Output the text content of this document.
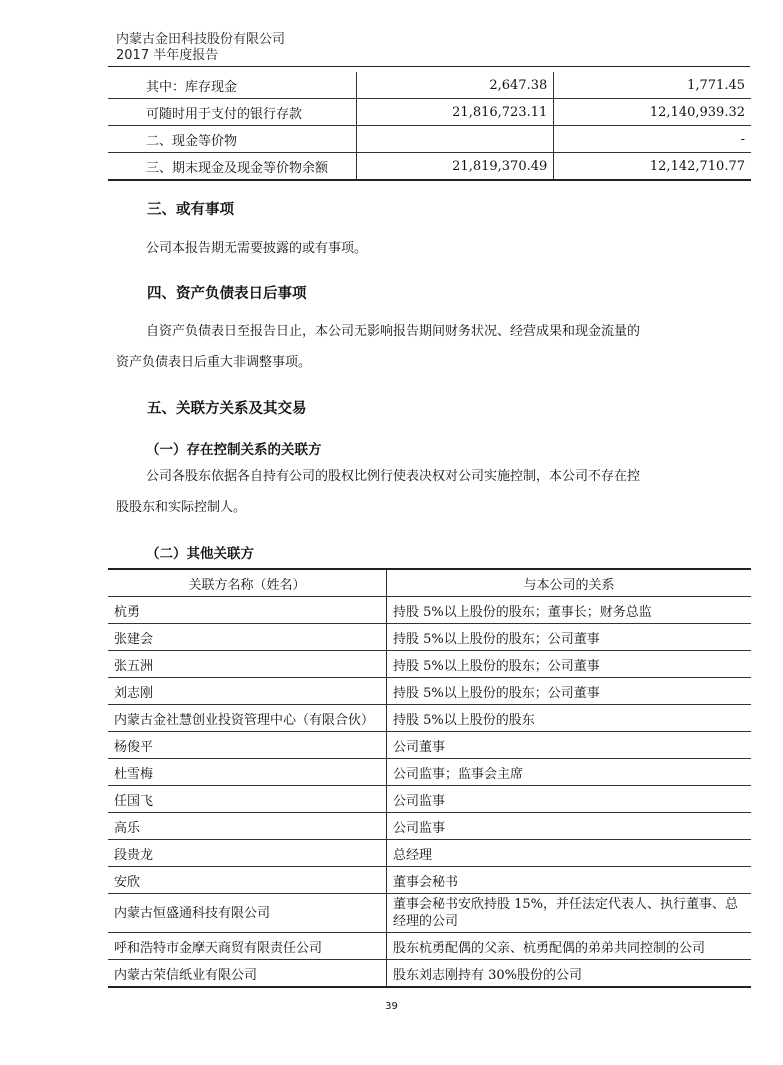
内蒙古金田科技股份有限公司
2017 半年度报告
其中：库存现金	2,647.38	1,771.45
可随时用于支付的银行存款	21,816,723.11	12,140,939.32
二、现金等价物		-
三、期末现金及现金等价物余额	21,819,370.49	12,142,710.77
三、或有事项
公司本报告期无需要披露的或有事项。
四、资产负债表日后事项
自资产负债表日至报告日止，本公司无影响报告期间财务状况、经营成果和现金流量的
资产负债表日后重大非调整事项。
五、关联方关系及其交易
（一）存在控制关系的关联方
公司各股东依据各自持有公司的股权比例行使表决权对公司实施控制，本公司不存在控
股股东和实际控制人。
（二）其他关联方
关联方名称（姓名）	与本公司的关系
杭勇	持股 5%以上股份的股东；董事长；财务总监
张建会	持股 5%以上股份的股东；公司董事
张五洲	持股 5%以上股份的股东；公司董事
刘志刚	持股 5%以上股份的股东；公司董事
内蒙古金社慧创业投资管理中心（有限合伙）	持股 5%以上股份的股东
杨俊平	公司董事
杜雪梅	公司监事；监事会主席
任国飞	公司监事
高乐	公司监事
段贵龙	总经理
安欣	董事会秘书
内蒙古恒盛通科技有限公司	董事会秘书安欣持股 15%，并任法定代表人、执行董事、总经理的公司
呼和浩特市金摩天商贸有限责任公司	股东杭勇配偶的父亲、杭勇配偶的弟弟共同控制的公司
内蒙古荣信纸业有限公司	股东刘志刚持有 30%股份的公司
39
